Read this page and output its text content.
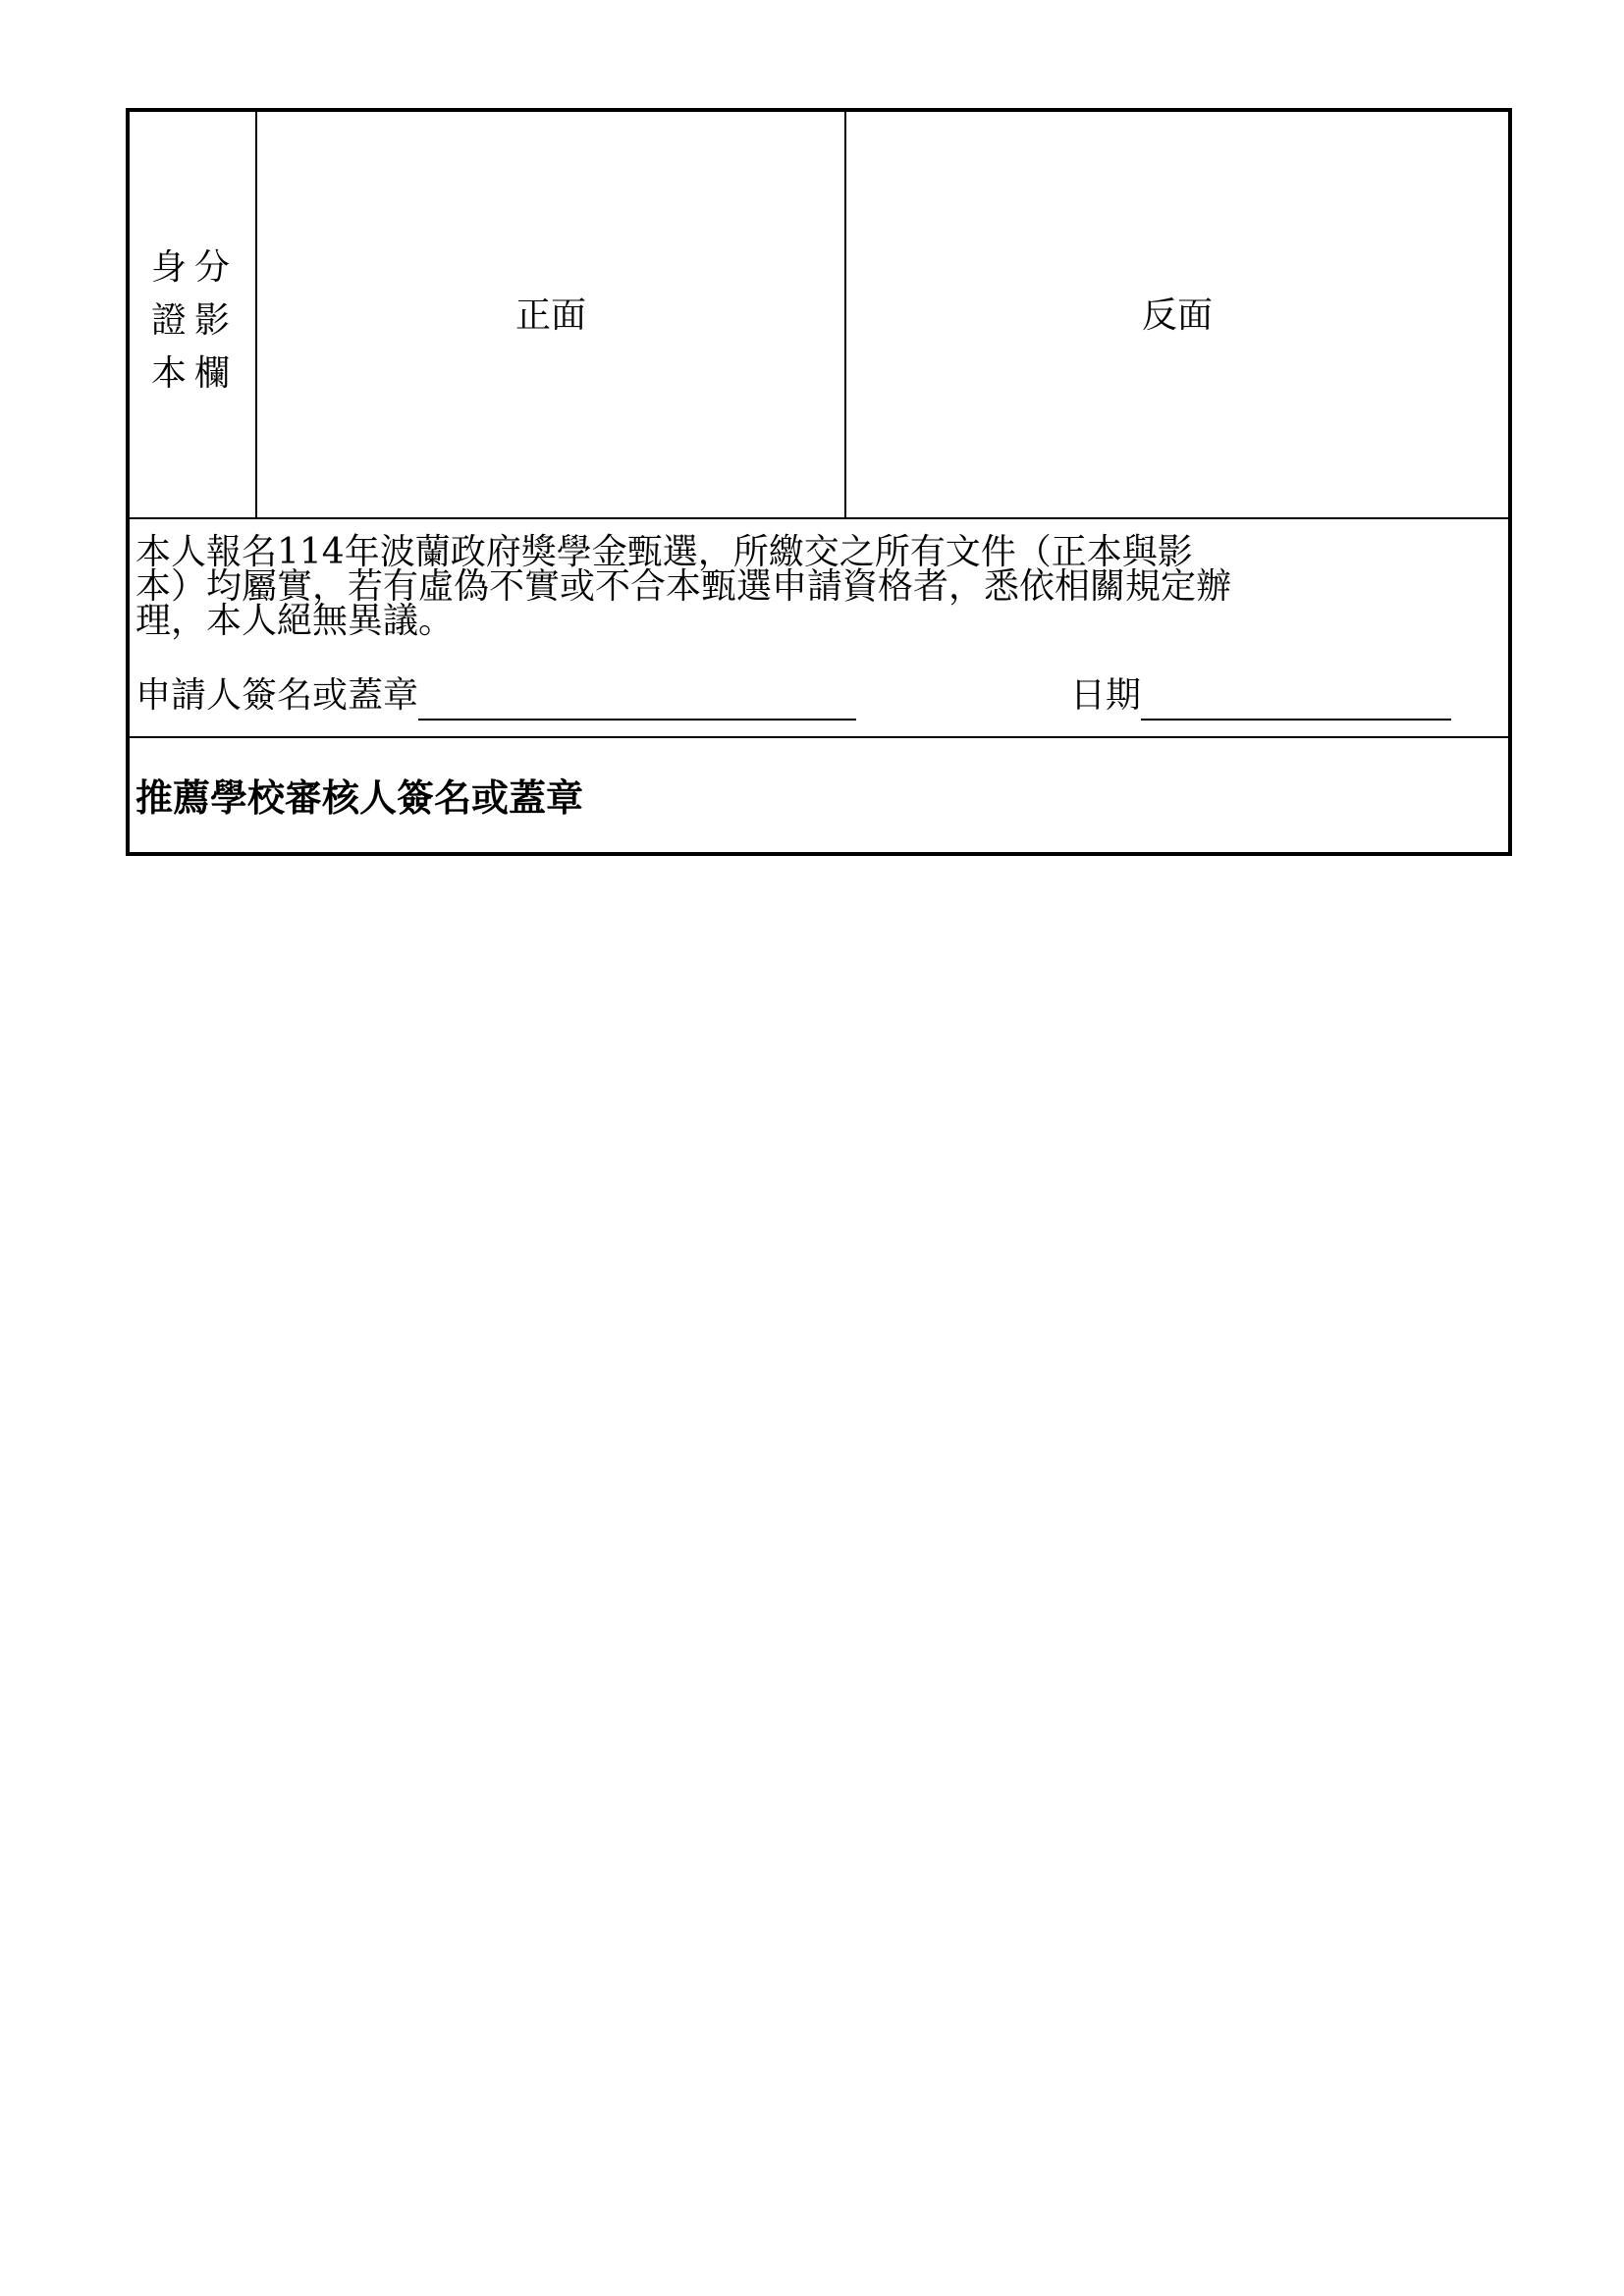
身分
證影
本欄
正面	反面
本人報名114年波蘭政府獎學金甄選，所繳交之所有文件（正本與影
本）均屬實，若有虛偽不實或不合本甄選申請資格者，悉依相關規定辦
理，本人絕無異議。
申請人簽名或蓋章	日期
推薦學校審核人簽名或蓋章
